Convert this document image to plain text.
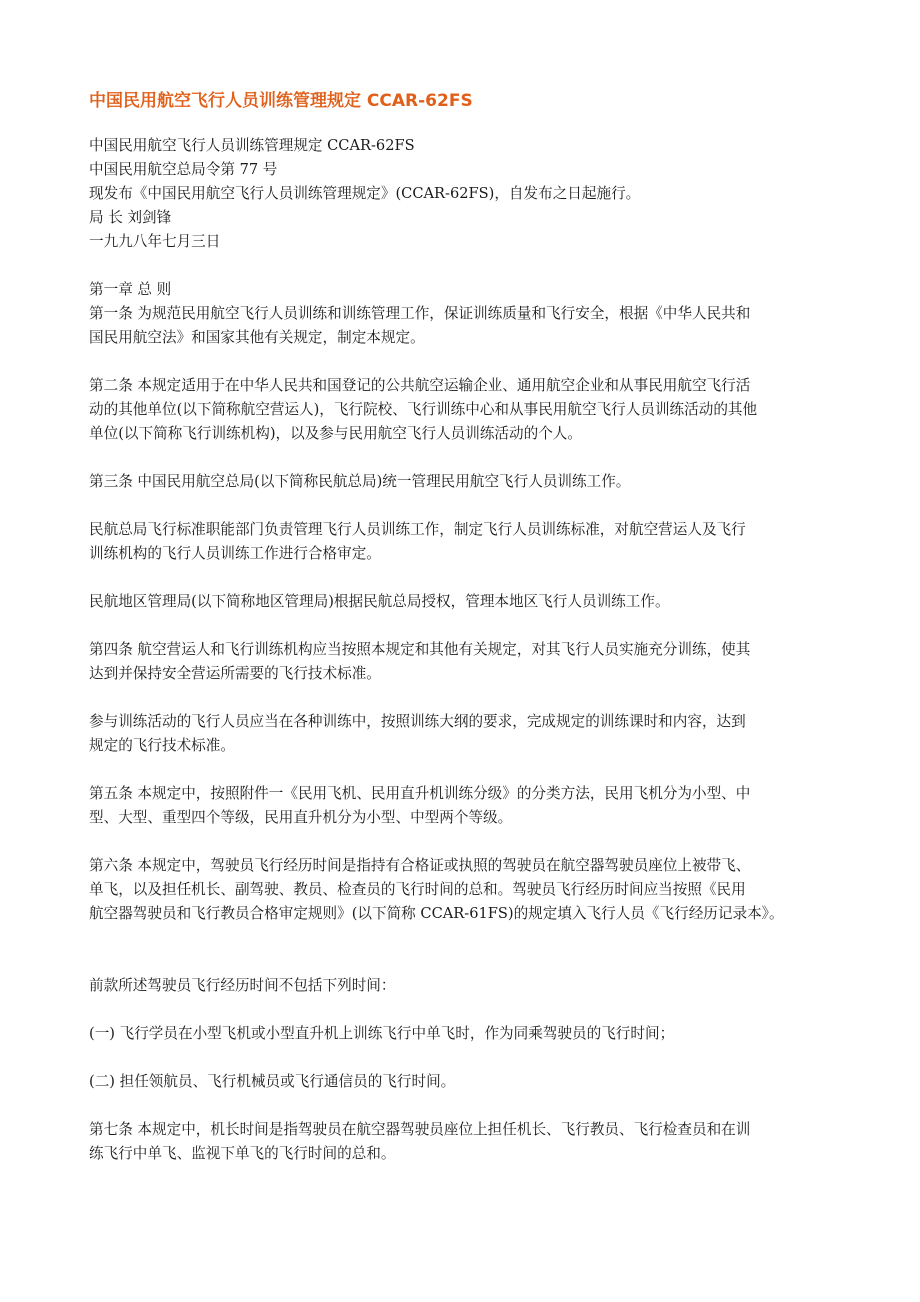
中国民用航空飞行人员训练管理规定 CCAR-62FS
中国民用航空飞行人员训练管理规定 CCAR-62FS
中国民用航空总局令第 77 号
现发布《中国民用航空飞行人员训练管理规定》(CCAR-62FS)，自发布之日起施行。
局 长 刘剑锋
一九九八年七月三日
第一章 总 则
第一条 为规范民用航空飞行人员训练和训练管理工作，保证训练质量和飞行安全，根据《中华人民共和
国民用航空法》和国家其他有关规定，制定本规定。
第二条 本规定适用于在中华人民共和国登记的公共航空运输企业、通用航空企业和从事民用航空飞行活
动的其他单位(以下简称航空营运人)，飞行院校、飞行训练中心和从事民用航空飞行人员训练活动的其他
单位(以下简称飞行训练机构)，以及参与民用航空飞行人员训练活动的个人。
第三条 中国民用航空总局(以下简称民航总局)统一管理民用航空飞行人员训练工作。
民航总局飞行标准职能部门负责管理飞行人员训练工作，制定飞行人员训练标准，对航空营运人及飞行
训练机构的飞行人员训练工作进行合格审定。
民航地区管理局(以下简称地区管理局)根据民航总局授权，管理本地区飞行人员训练工作。
第四条 航空营运人和飞行训练机构应当按照本规定和其他有关规定，对其飞行人员实施充分训练，使其
达到并保持安全营运所需要的飞行技术标准。
参与训练活动的飞行人员应当在各种训练中，按照训练大纲的要求，完成规定的训练课时和内容，达到
规定的飞行技术标准。
第五条 本规定中，按照附件一《民用飞机、民用直升机训练分级》的分类方法，民用飞机分为小型、中
型、大型、重型四个等级，民用直升机分为小型、中型两个等级。
第六条 本规定中，驾驶员飞行经历时间是指持有合格证或执照的驾驶员在航空器驾驶员座位上被带飞、
单飞，以及担任机长、副驾驶、教员、检查员的飞行时间的总和。驾驶员飞行经历时间应当按照《民用
航空器驾驶员和飞行教员合格审定规则》(以下简称 CCAR-61FS)的规定填入飞行人员《飞行经历记录本》。
前款所述驾驶员飞行经历时间不包括下列时间：
(一) 飞行学员在小型飞机或小型直升机上训练飞行中单飞时，作为同乘驾驶员的飞行时间；
(二) 担任领航员、飞行机械员或飞行通信员的飞行时间。
第七条 本规定中，机长时间是指驾驶员在航空器驾驶员座位上担任机长、飞行教员、飞行检查员和在训
练飞行中单飞、监视下单飞的飞行时间的总和。
